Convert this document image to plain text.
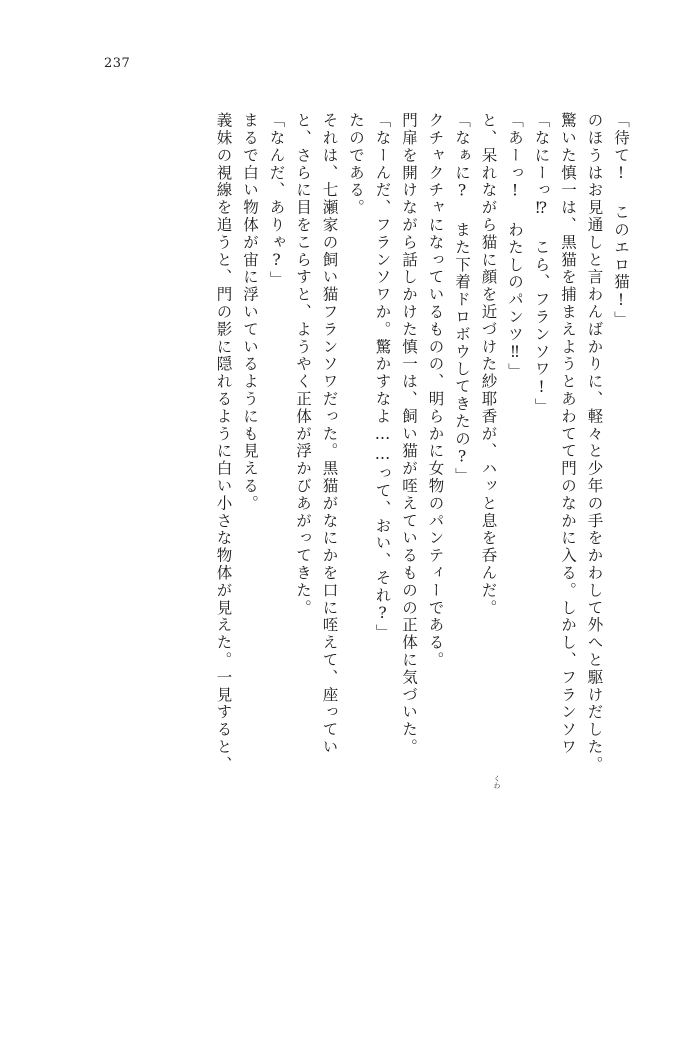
237
義妹の視線を追うと、門の影に隠れるように白い小さな物体が見えた。一見すると、 まるで白い物体が宙に浮いているようにも見える。 「なんだ、ありゃ?」 と、さらに目をこらすと、ようやく正体が浮かびあがってきた。 それは、七瀬家の飼い猫フランソワだった。黒猫がなにかを口に咥えて、座ってい たのである。 「なーんだ、フランソワか。驚かすなよ……って、おい、それ?」 門扉を開けながら話しかけた慎一は、飼い猫が咥えているものの正体に気づいた。 クチャクチャになっているものの、明らかに女物のパンティーである。 「なぁに? また下着ドロボウしてきたの?」 と、呆れながら猫に顔を近づけた紗耶香が、ハッと息を呑んだ。 「あーっ! わたしのパンツ‼」 「なにーっ⁉ こら、フランソワ!」 驚いた慎一は、黒猫を捕まえようとあわてて門のなかに入る。しかし、フランソワ のほうはお見通しと言わんばかりに、軽々と少年の手をかわして外へと駆けだした。 「待て! このエロ猫!」
くわ
